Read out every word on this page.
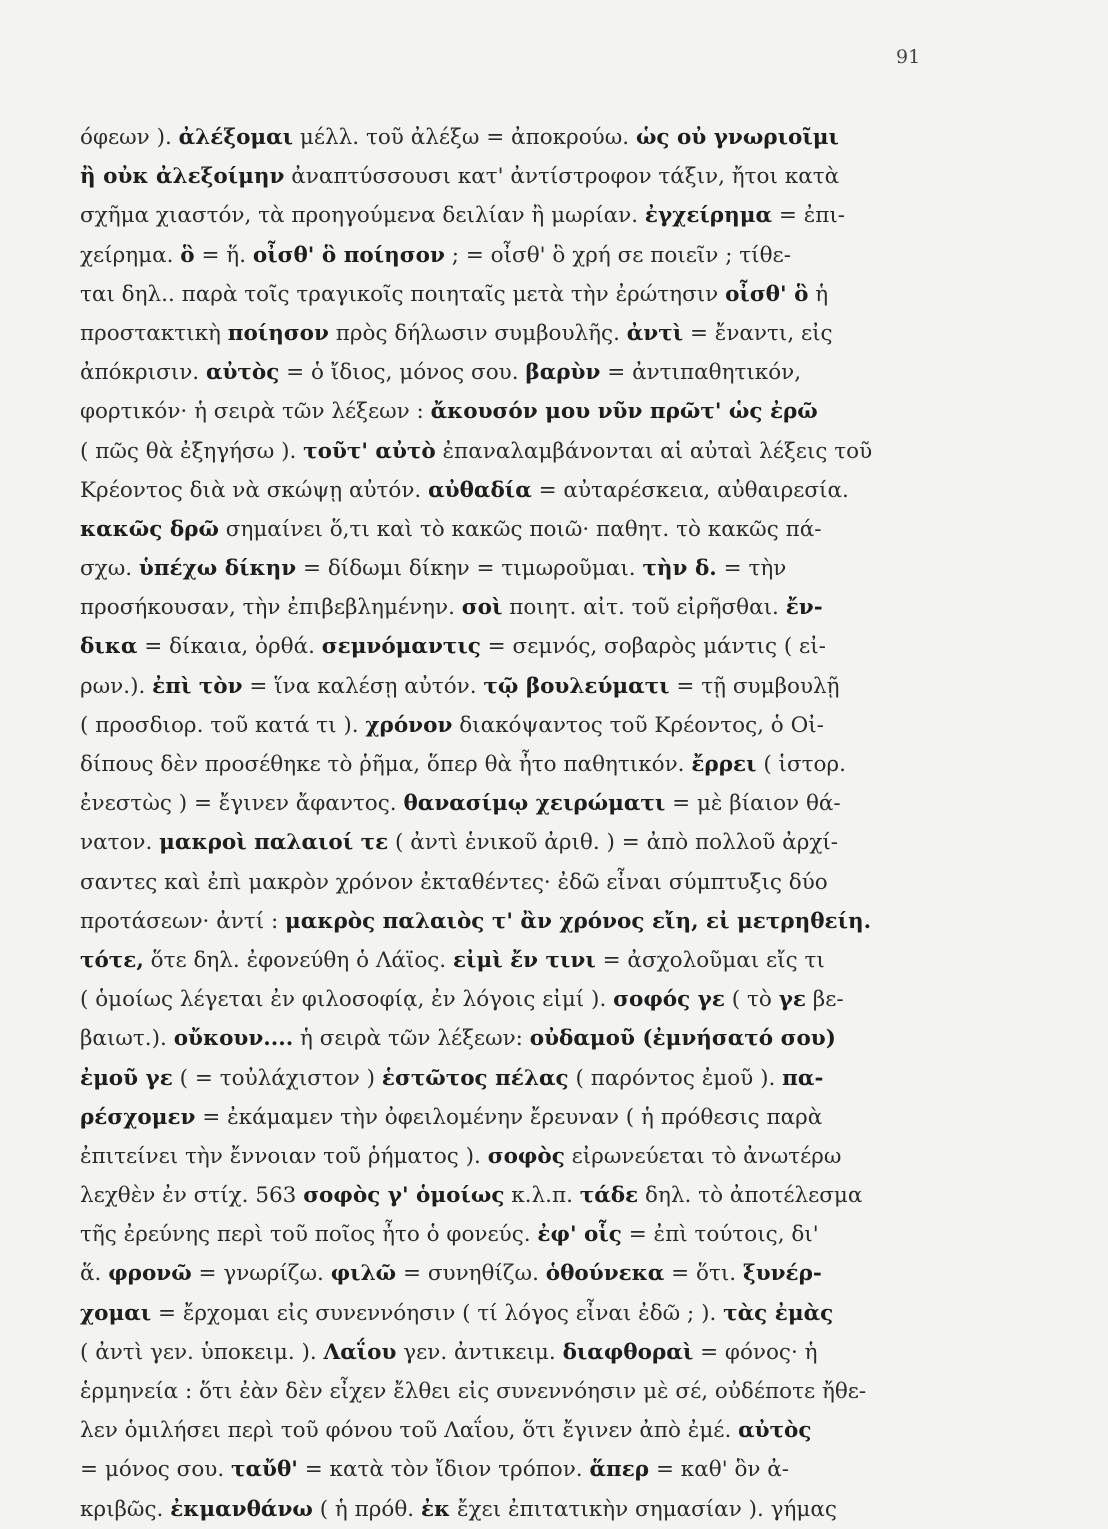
91
όφεων ). ἀλέξομαι μέλλ. τοῦ ἀλέξω = ἀποκρούω. ὡς οὐ γνωριοῖμι
ἢ οὐκ ἀλεξοίμην ἀναπτύσσουσι κατ' ἀντίστροφον τάξιν, ἤτοι κατὰ
σχῆμα χιαστόν, τὰ προηγούμενα δειλίαν ἢ μωρίαν. ἐγχείρημα = ἐπι-
χείρημα. ὃ = ἥ. οἶσθ' ὃ ποίησον ; = οἶσθ' ὃ χρή σε ποιεῖν ; τίθε-
ται δηλ.. παρὰ τοῖς τραγικοῖς ποιηταῖς μετὰ τὴν ἐρώτησιν οἶσθ' ὃ ἡ
προστακτικὴ ποίησον πρὸς δήλωσιν συμβουλῆς. ἀντὶ = ἔναντι, εἰς
ἀπόκρισιν. αὐτὸς = ὁ ἴδιος, μόνος σου. βαρὺν = ἀντιπαθητικόν,
φορτικόν· ἡ σειρὰ τῶν λέξεων : ἄκουσόν μου νῦν πρῶτ' ὡς ἐρῶ
( πῶς θὰ ἐξηγήσω ). τοῦτ' αὐτὸ ἐπαναλαμβάνονται αἱ αὐταὶ λέξεις τοῦ
Κρέοντος διὰ νὰ σκώψῃ αὐτόν. αὐθαδία = αὐταρέσκεια, αὐθαιρεσία.
κακῶς δρῶ σημαίνει ὅ,τι καὶ τὸ κακῶς ποιῶ· παθητ. τὸ κακῶς πά-
σχω. ὑπέχω δίκην = δίδωμι δίκην = τιμωροῦμαι. τὴν δ. = τὴν
προσήκουσαν, τὴν ἐπιβεβλημένην. σοὶ ποιητ. αἰτ. τοῦ εἰρῆσθαι. ἔν-
δικα = δίκαια, ὀρθά. σεμνόμαντις = σεμνός, σοβαρὸς μάντις ( εἰ-
ρων.). ἐπὶ τὸν = ἵνα καλέσῃ αὐτόν. τῷ βουλεύματι = τῇ συμβουλῇ
( προσδιορ. τοῦ κατά τι ). χρόνον διακόψαντος τοῦ Κρέοντος, ὁ Οἰ-
δίπους δὲν προσέθηκε τὸ ῥῆμα, ὅπερ θὰ ἦτο παθητικόν. ἔρρει ( ἱστορ.
ἐνεστὼς ) = ἔγινεν ἄφαντος. θανασίμῳ χειρώματι = μὲ βίαιον θά-
νατον. μακροὶ παλαιοί τε ( ἀντὶ ἑνικοῦ ἀριθ. ) = ἀπὸ πολλοῦ ἀρχί-
σαντες καὶ ἐπὶ μακρὸν χρόνον ἐκταθέντες· ἐδῶ εἶναι σύμπτυξις δύο
προτάσεων· ἀντί : μακρὸς παλαιὸς τ' ἂν χρόνος εἴη, εἰ μετρηθείη.
τότε, ὅτε δηλ. ἐφονεύθη ὁ Λάϊος. εἰμὶ ἔν τινι = ἀσχολοῦμαι εἴς τι
( ὁμοίως λέγεται ἐν φιλοσοφίᾳ, ἐν λόγοις εἰμί ). σοφός γε ( τὸ γε βε-
βαιωτ.). οὔκουν.... ἡ σειρὰ τῶν λέξεων: οὐδαμοῦ (ἐμνήσατό σου)
ἐμοῦ γε ( = τοὐλάχιστον ) ἑστῶτος πέλας ( παρόντος ἐμοῦ ). πα-
ρέσχομεν = ἐκάμαμεν τὴν ὀφειλομένην ἔρευναν ( ἡ πρόθεσις παρὰ
ἐπιτείνει τὴν ἔννοιαν τοῦ ῥήματος ). σοφὸς εἰρωνεύεται τὸ ἀνωτέρω
λεχθὲν ἐν στίχ. 563 σοφὸς γ' ὁμοίως κ.λ.π. τάδε δηλ. τὸ ἀποτέλεσμα
τῆς ἐρεύνης περὶ τοῦ ποῖος ἦτο ὁ φονεύς. ἐφ' οἷς = ἐπὶ τούτοις, δι'
ἅ. φρονῶ = γνωρίζω. φιλῶ = συνηθίζω. ὁθούνεκα = ὅτι. ξυνέρ-
χομαι = ἔρχομαι εἰς συνεννόησιν ( τί λόγος εἶναι ἐδῶ ; ). τὰς ἐμὰς
( ἀντὶ γεν. ὑποκειμ. ). Λαΐου γεν. ἀντικειμ. διαφθοραὶ = φόνος· ἡ
ἑρμηνεία : ὅτι ἐὰν δὲν εἶχεν ἔλθει εἰς συνεννόησιν μὲ σέ, οὐδέποτε ἤθε-
λεν ὁμιλήσει περὶ τοῦ φόνου τοῦ Λαΐου, ὅτι ἔγινεν ἀπὸ ἐμέ. αὐτὸς
= μόνος σου. ταὔθ' = κατὰ τὸν ἴδιον τρόπον. ἅπερ = καθ' ὃν ἀ-
κριβῶς. ἐκμανθάνω ( ἡ πρόθ. ἐκ ἔχει ἐπιτατικὴν σημασίαν ). γήμας
